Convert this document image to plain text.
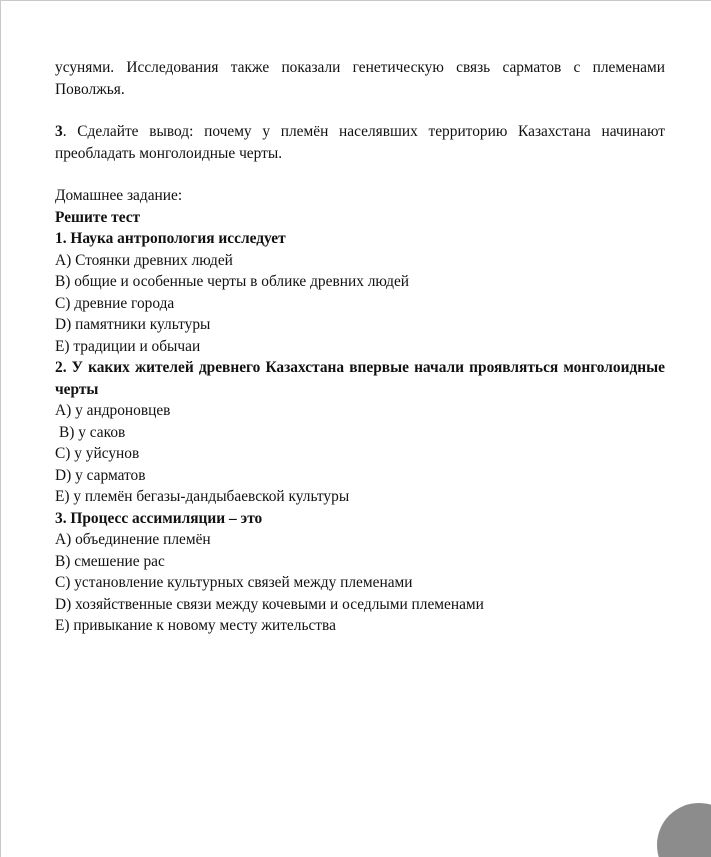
усунями. Исследования также показали генетическую связь сарматов с племенами Поволжья.

3. Сделайте вывод: почему у племён населявших территорию Казахстана начинают преобладать монголоидные черты.

Домашнее задание:

Решите тест

1. Наука антропология исследует

A) Стоянки древних людей

B) общие и особенные черты в облике древних людей

C) древние города

D) памятники культуры

E) традиции и обычаи

2. У каких жителей древнего Казахстана впервые начали проявляться монголоидные черты

A) у андроновцев

B) у саков

C) у уйсунов

D) у сарматов

E) у племён бегазы-дандыбаевской культуры

3. Процесс ассимиляции – это

A) объединение племён

B) смешение рас

C) установление культурных связей между племенами

D) хозяйственные связи между кочевыми и оседлыми племенами

E) привыкание к новому месту жительства
